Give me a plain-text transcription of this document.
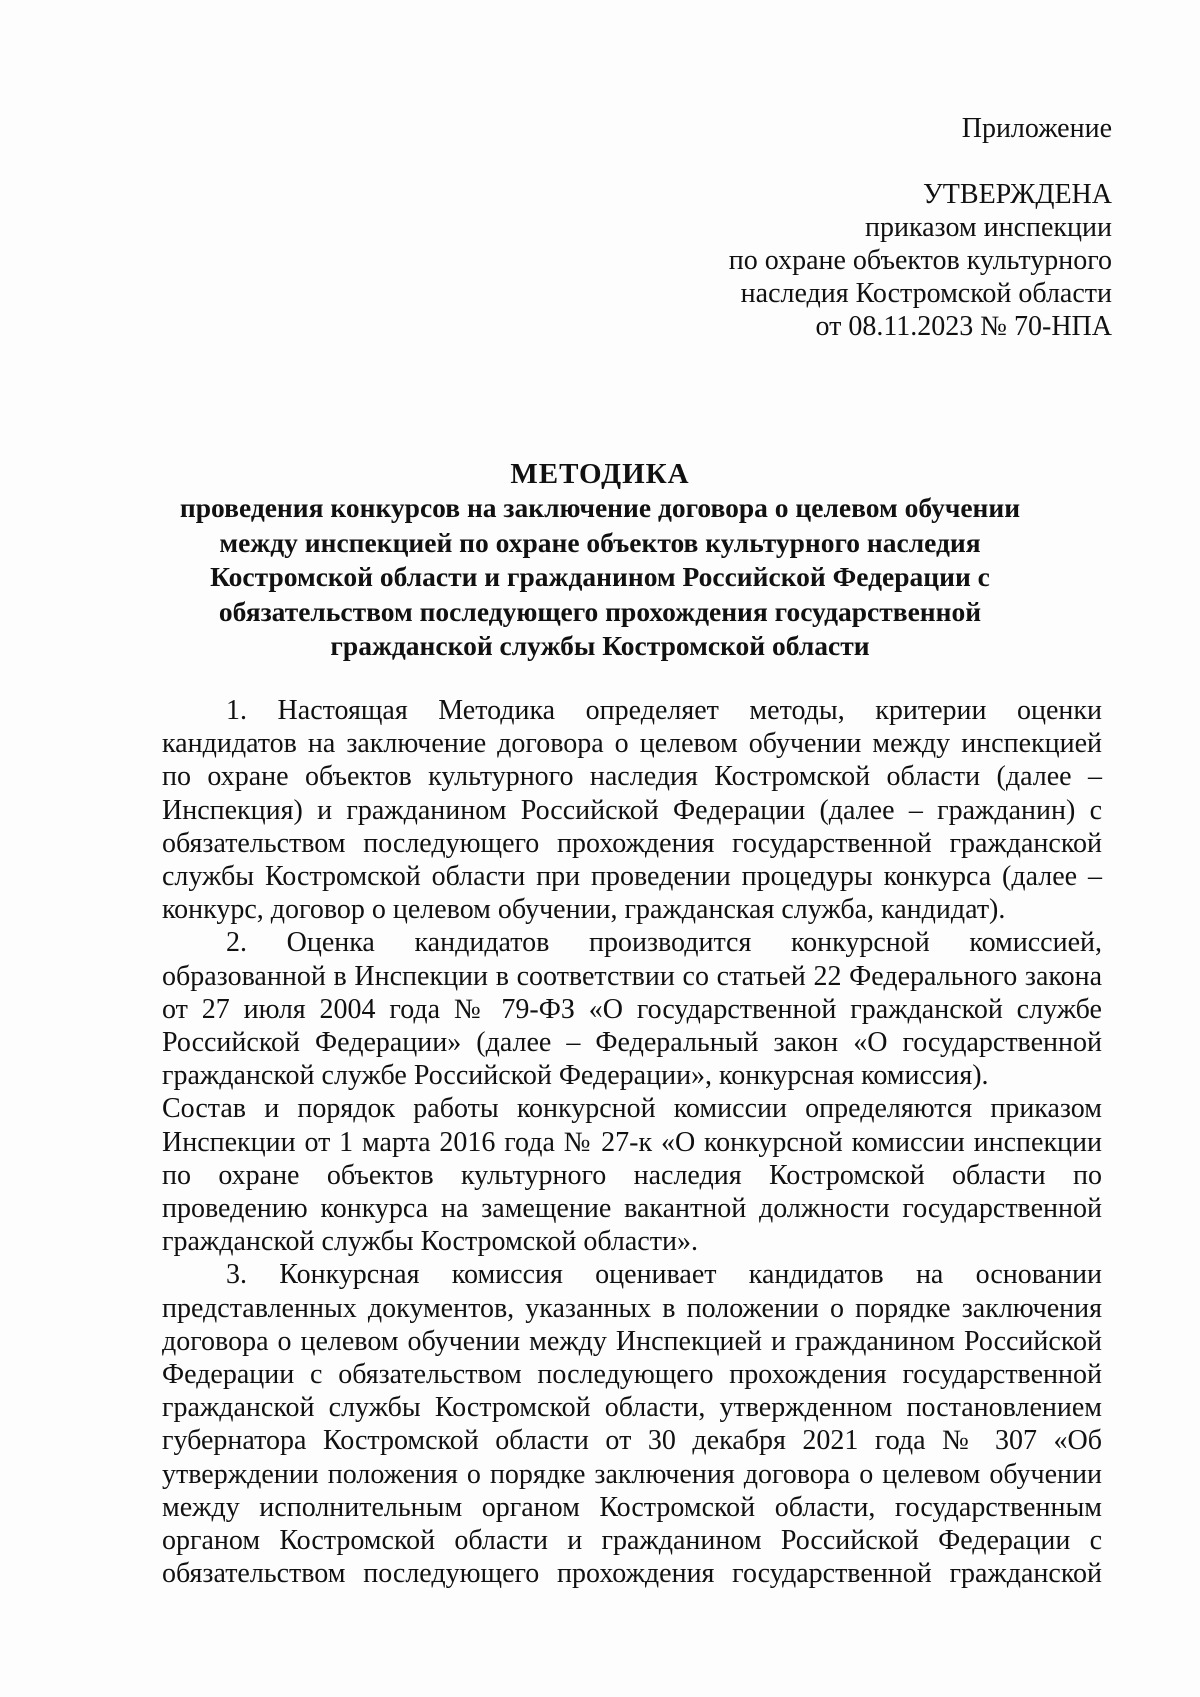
Приложение
УТВЕРЖДЕНА
приказом инспекции
по охране объектов культурного
наследия Костромской области
от 08.11.2023 № 70-НПА
МЕТОДИКА
проведения конкурсов на заключение договора о целевом обучении
между инспекцией по охране объектов культурного наследия
Костромской области и гражданином Российской Федерации с
обязательством последующего прохождения государственной
гражданской службы Костромской области

1. Настоящая Методика определяет методы, критерии оценки кандидатов на заключение договора о целевом обучении между инспекцией по охране объектов культурного наследия Костромской области (далее – Инспекция) и гражданином Российской Федерации (далее – гражданин) с обязательством последующего прохождения государственной гражданской службы Костромской области при проведении процедуры конкурса (далее – конкурс, договор о целевом обучении, гражданская служба, кандидат).

2. Оценка кандидатов производится конкурсной комиссией, образованной в Инспекции в соответствии со статьей 22 Федерального закона от 27 июля 2004 года № 79-ФЗ «О государственной гражданской службе Российской Федерации» (далее – Федеральный закон «О государственной гражданской службе Российской Федерации», конкурсная комиссия).

Состав и порядок работы конкурсной комиссии определяются приказом Инспекции от 1 марта 2016 года № 27-к «О конкурсной комиссии инспекции по охране объектов культурного наследия Костромской области по проведению конкурса на замещение вакантной должности государственной гражданской службы Костромской области».

3. Конкурсная комиссия оценивает кандидатов на основании представленных документов, указанных в положении о порядке заключения договора о целевом обучении между Инспекцией и гражданином Российской Федерации с обязательством последующего прохождения государственной гражданской службы Костромской области, утвержденном постановлением губернатора Костромской области от 30 декабря 2021 года № 307 «Об утверждении положения о порядке заключения договора о целевом обучении между исполнительным органом Костромской области, государственным органом Костромской области и гражданином Российской Федерации с обязательством последующего прохождения государственной гражданской
